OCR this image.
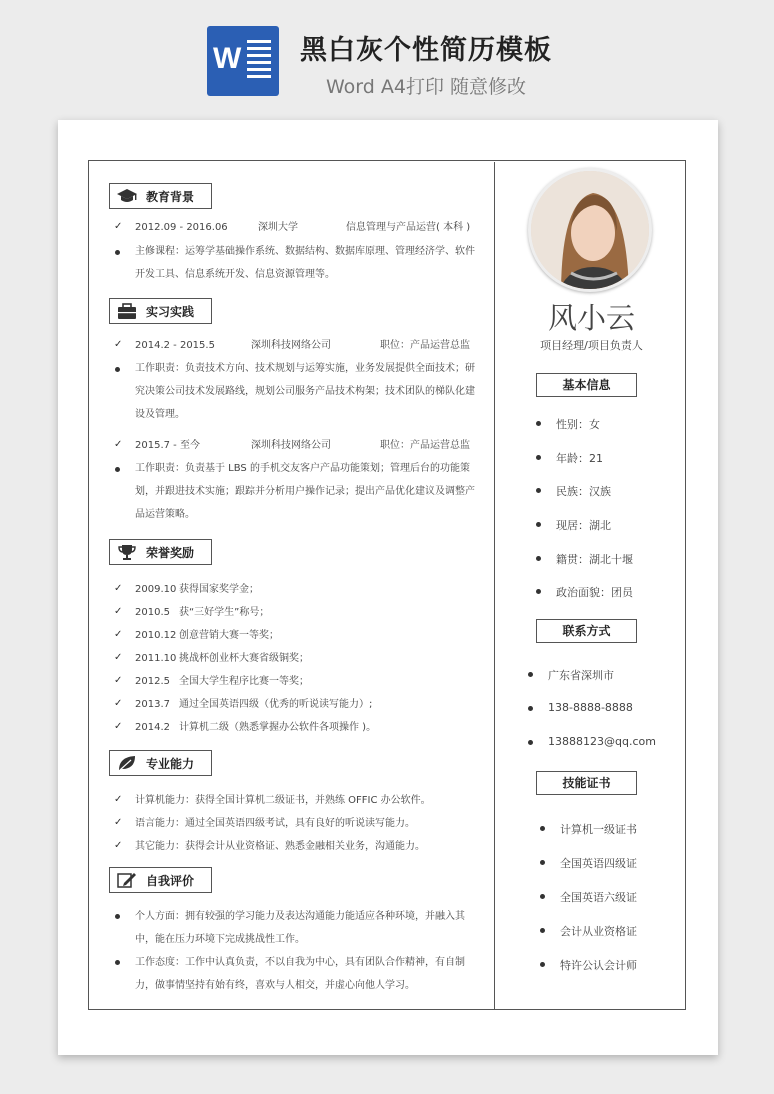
W 黑白灰个性简历模板
Word A4打印 随意修改
教育背景
✓ 2012.09 - 2016.06	深圳大学	信息管理与产品运营( 本科 )
主修课程：运筹学基础操作系统、数据结构、数据库原理、管理经济学、软件开发工具、信息系统开发、信息资源管理等。
实习实践
✓ 2014.2 - 2015.5	深圳科技网络公司	职位：产品运营总监
工作职责：负责技术方向、技术规划与运筹实施，业务发展提供全面技术；研究决策公司技术发展路线，规划公司服务产品技术构架；技术团队的梯队化建设及管理。
✓ 2015.7 - 至今	深圳科技网络公司	职位：产品运营总监
工作职责：负责基于 LBS 的手机交友客户产品功能策划；管理后台的功能策划，并跟进技术实施；跟踪并分析用户操作记录；提出产品优化建议及调整产品运营策略。
荣誉奖励
✓ 2009.10 获得国家奖学金；
✓ 2010.5 获“三好学生”称号；
✓ 2010.12 创意营销大赛一等奖；
✓ 2011.10 挑战杯创业杯大赛省级铜奖；
✓ 2012.5 全国大学生程序比赛一等奖；
✓ 2013.7 通过全国英语四级（优秀的听说读写能力）;
✓ 2014.2 计算机二级（熟悉掌握办公软件各项操作 )。
专业能力
✓ 计算机能力：获得全国计算机二级证书，并熟练 OFFIC 办公软件。
✓ 语言能力：通过全国英语四级考试，具有良好的听说读写能力。
✓ 其它能力：获得会计从业资格证、熟悉金融相关业务，沟通能力。
自我评价
个人方面：拥有较强的学习能力及表达沟通能力能适应各种环境，并融入其中，能在压力环境下完成挑战性工作。
工作态度：工作中认真负责，不以自我为中心，具有团队合作精神，有自制力，做事情坚持有始有终，喜欢与人相交，并虚心向他人学习。
风小云
项目经理/项目负责人
基本信息
性别：女
年龄：21
民族：汉族
现居：湖北
籍贯：湖北十堰
政治面貌：团员
联系方式
广东省深圳市
138-8888-8888
13888123@qq.com
技能证书
计算机一级证书
全国英语四级证
全国英语六级证
会计从业资格证
特许公认会计师
